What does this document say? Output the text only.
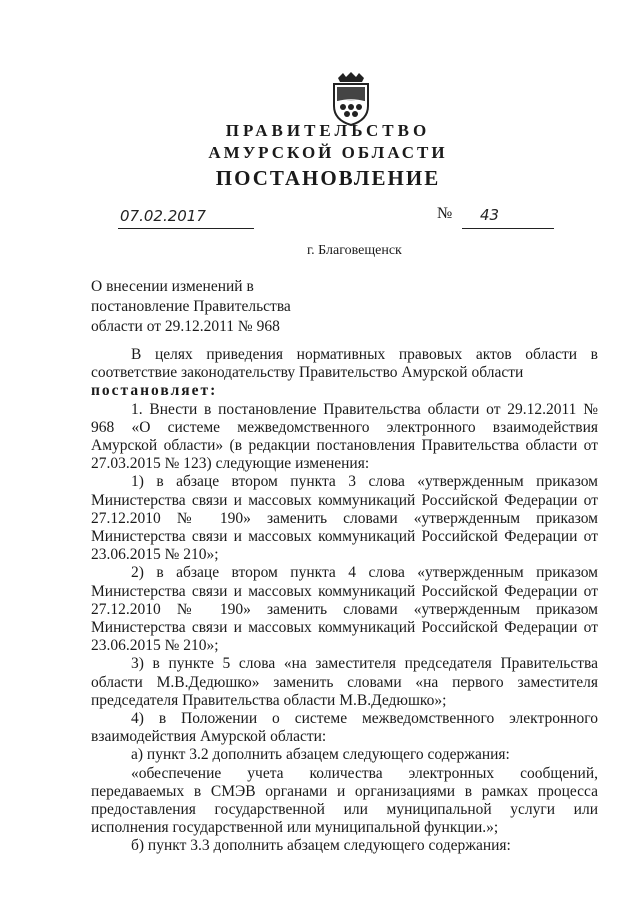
ПРАВИТЕЛЬСТВО
АМУРСКОЙ ОБЛАСТИ
ПОСТАНОВЛЕНИЕ
07.02.2017	№ 43
г. Благовещенск
О внесении изменений в
постановление Правительства
области от 29.12.2011 № 968

В целях приведения нормативных правовых актов области в соответствие законодательству Правительство Амурской области

постановляет:

1. Внести в постановление Правительства области от 29.12.2011 № 968 «О системе межведомственного электронного взаимодействия Амурской области» (в редакции постановления Правительства области от 27.03.2015 № 123) следующие изменения:

1) в абзаце втором пункта 3 слова «утвержденным приказом Министерства связи и массовых коммуникаций Российской Федерации от 27.12.2010 № 190» заменить словами «утвержденным приказом Министерства связи и массовых коммуникаций Российской Федерации от 23.06.2015 № 210»;

2) в абзаце втором пункта 4 слова «утвержденным приказом Министерства связи и массовых коммуникаций Российской Федерации от 27.12.2010 № 190» заменить словами «утвержденным приказом Министерства связи и массовых коммуникаций Российской Федерации от 23.06.2015 № 210»;

3) в пункте 5 слова «на заместителя председателя Правительства области М.В.Дедюшко» заменить словами «на первого заместителя председателя Правительства области М.В.Дедюшко»;

4) в Положении о системе межведомственного электронного взаимодействия Амурской области:

а) пункт 3.2 дополнить абзацем следующего содержания:

«обеспечение учета количества электронных сообщений, передаваемых в СМЭВ органами и организациями в рамках процесса предоставления государственной или муниципальной услуги или исполнения государственной или муниципальной функции.»;

б) пункт 3.3 дополнить абзацем следующего содержания:
